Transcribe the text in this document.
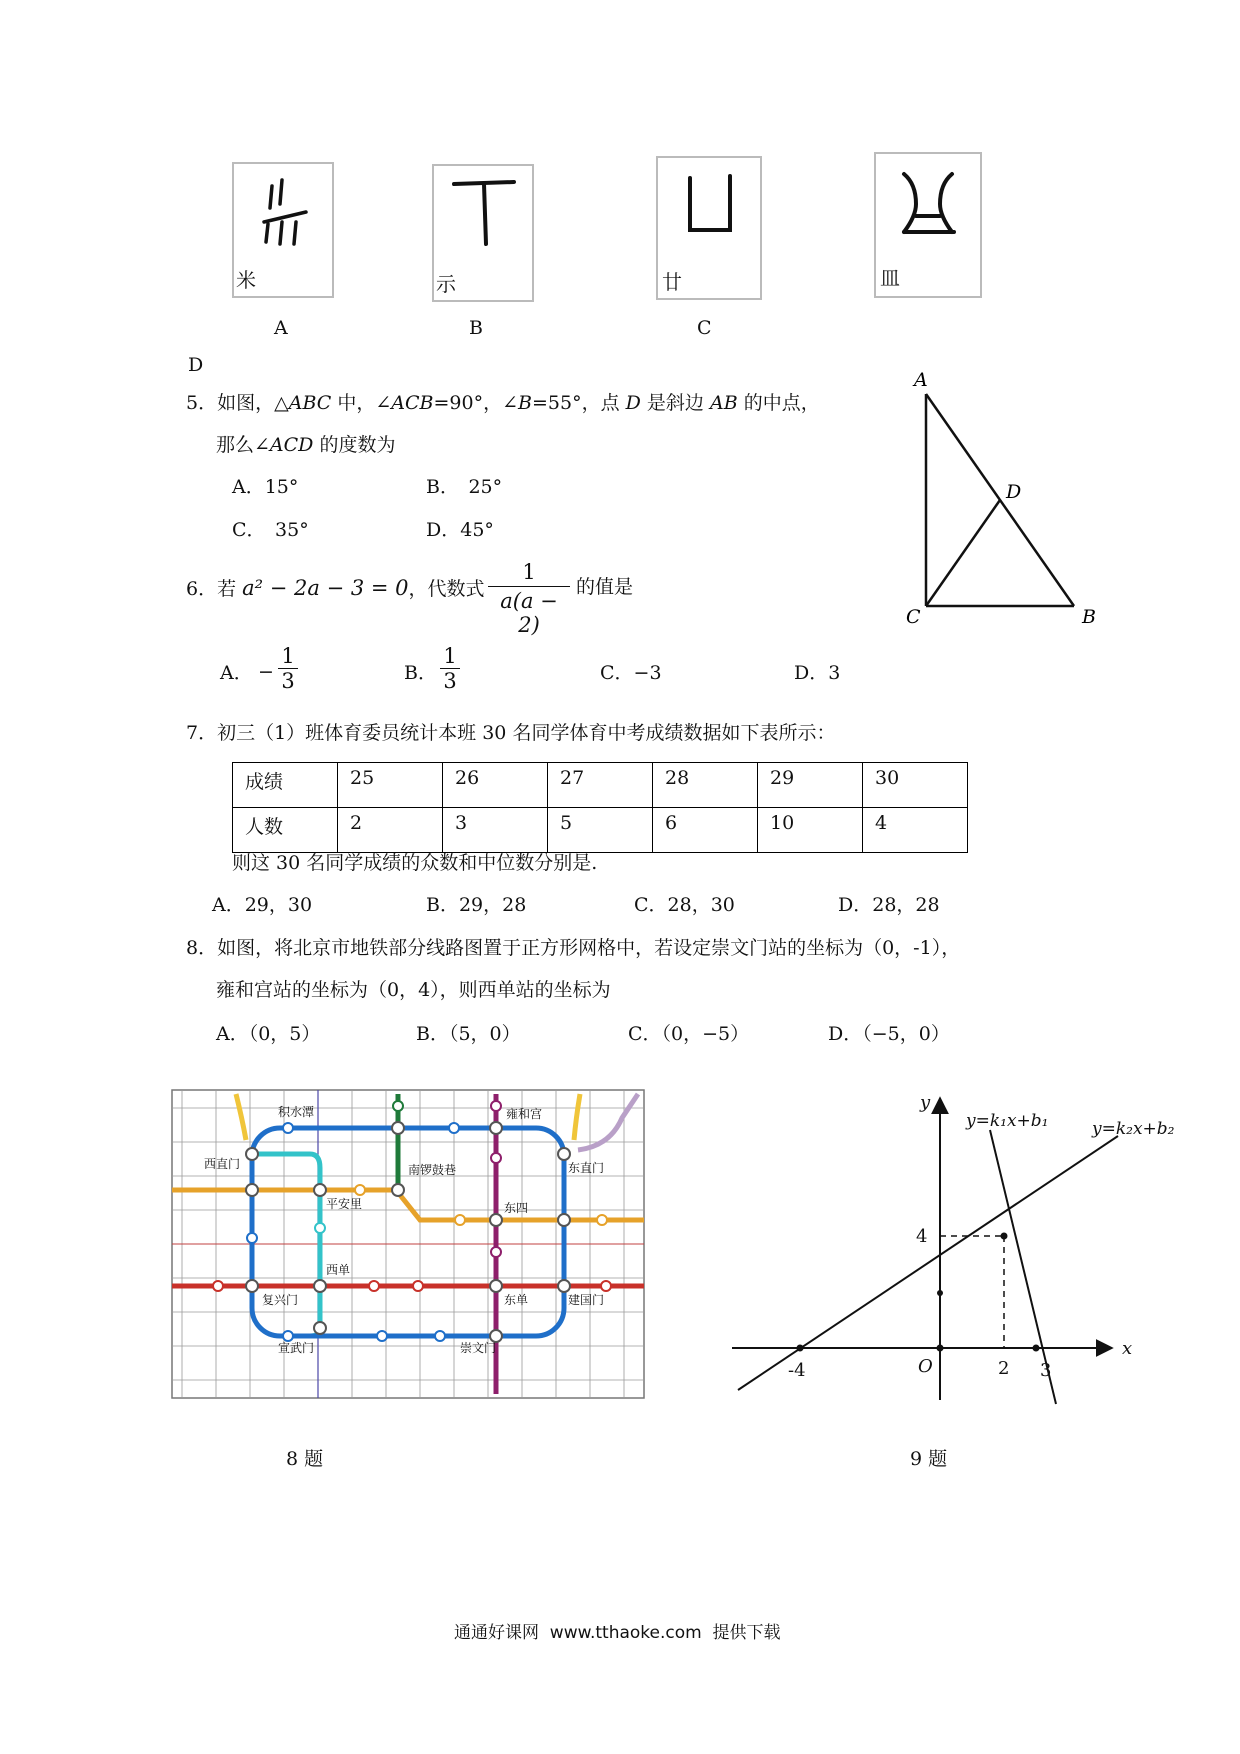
米
A
示
B
廿
C
皿
D
5．如图，△ABC 中，∠ACB=90°，∠B=55°，点 D 是斜边 AB 的中点，
那么∠ACD 的度数为
A．15°	B．　25°
C．　35°	D．45°
A
D
C	B
6．若 a² − 2a − 3 = 0，代数式
1
a(a − 2)
的值是
A． −
1
3	B．
1
3	C．−3	D．3
7．初三（1）班体育委员统计本班 30 名同学体育中考成绩数据如下表所示：
成绩	25	26	27	28	29	30
人数	2	3	5	6	10	4
则这 30 名同学成绩的众数和中位数分别是.
A．29，30	B．29，28	C．28，30	D．28，28
8．如图，将北京市地铁部分线路图置于正方形网格中，若设定崇文门站的坐标为（0，-1），
雍和宫站的坐标为（0，4），则西单站的坐标为
A．（0，5）	B．（5，0）	C．（0，−5）	D．（−5，0）
积水潭	雍和宫
西直门	东直门
南锣鼓巷
平安里	东四
西单
复兴门	东单	建国门
宣武门	崇文门
8 题
y
x
O
-4
4
2 3
y=k₁x+b₁	y=k₂x+b₂
9 题
通通好课网  www.tthaoke.com  提供下载
